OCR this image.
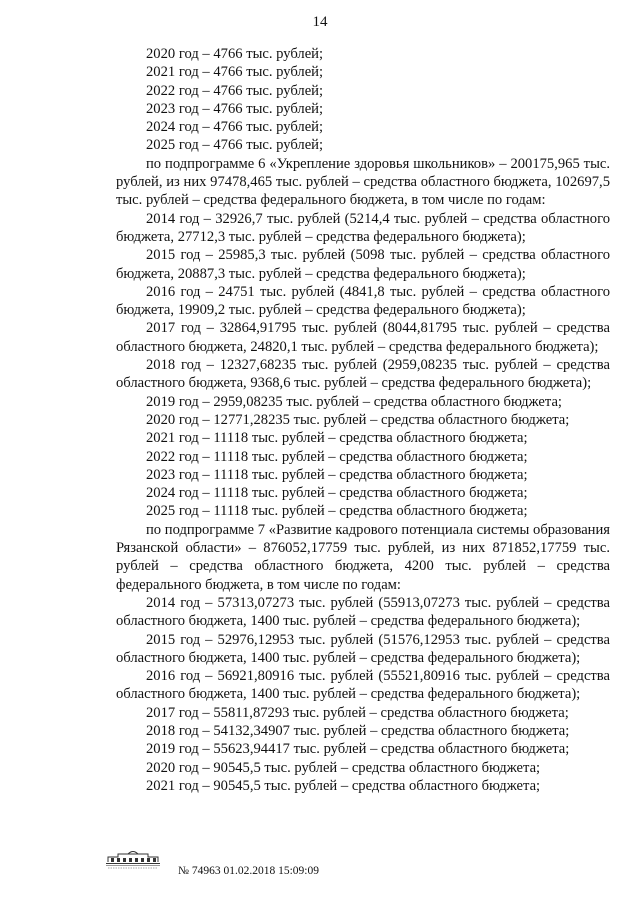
14

2020 год – 4766 тыс. рублей;

2021 год – 4766 тыс. рублей;

2022 год – 4766 тыс. рублей;

2023 год – 4766 тыс. рублей;

2024 год – 4766 тыс. рублей;

2025 год – 4766 тыс. рублей;

по подпрограмме 6 «Укрепление здоровья школьников» – 200175,965 тыс. рублей, из них 97478,465 тыс. рублей – средства областного бюджета, 102697,5 тыс. рублей – средства федерального бюджета, в том числе по годам:

2014 год – 32926,7 тыс. рублей (5214,4 тыс. рублей – средства областного бюджета, 27712,3 тыс. рублей – средства федерального бюджета);

2015 год – 25985,3 тыс. рублей (5098 тыс. рублей – средства областного бюджета, 20887,3 тыс. рублей – средства федерального бюджета);

2016 год – 24751 тыс. рублей (4841,8 тыс. рублей – средства областного бюджета, 19909,2 тыс. рублей – средства федерального бюджета);

2017 год – 32864,91795 тыс. рублей (8044,81795 тыс. рублей – средства областного бюджета, 24820,1 тыс. рублей – средства федерального бюджета);

2018 год – 12327,68235 тыс. рублей (2959,08235 тыс. рублей – средства областного бюджета, 9368,6 тыс. рублей – средства федерального бюджета);

2019 год – 2959,08235 тыс. рублей – средства областного бюджета;

2020 год – 12771,28235 тыс. рублей – средства областного бюджета;

2021 год – 11118 тыс. рублей – средства областного бюджета;

2022 год – 11118 тыс. рублей – средства областного бюджета;

2023 год – 11118 тыс. рублей – средства областного бюджета;

2024 год – 11118 тыс. рублей – средства областного бюджета;

2025 год – 11118 тыс. рублей – средства областного бюджета;

по подпрограмме 7 «Развитие кадрового потенциала системы образования Рязанской области» – 876052,17759 тыс. рублей, из них 871852,17759 тыс. рублей – средства областного бюджета, 4200 тыс. рублей – средства федерального бюджета, в том числе по годам:

2014 год – 57313,07273 тыс. рублей (55913,07273 тыс. рублей – средства областного бюджета, 1400 тыс. рублей – средства федерального бюджета);

2015 год – 52976,12953 тыс. рублей (51576,12953 тыс. рублей – средства областного бюджета, 1400 тыс. рублей – средства федерального бюджета);

2016 год – 56921,80916 тыс. рублей (55521,80916 тыс. рублей – средства областного бюджета, 1400 тыс. рублей – средства федерального бюджета);

2017 год – 55811,87293 тыс. рублей – средства областного бюджета;

2018 год – 54132,34907 тыс. рублей – средства областного бюджета;

2019 год – 55623,94417 тыс. рублей – средства областного бюджета;

2020 год – 90545,5 тыс. рублей – средства областного бюджета;

2021 год – 90545,5 тыс. рублей – средства областного бюджета;

№ 74963 01.02.2018 15:09:09
